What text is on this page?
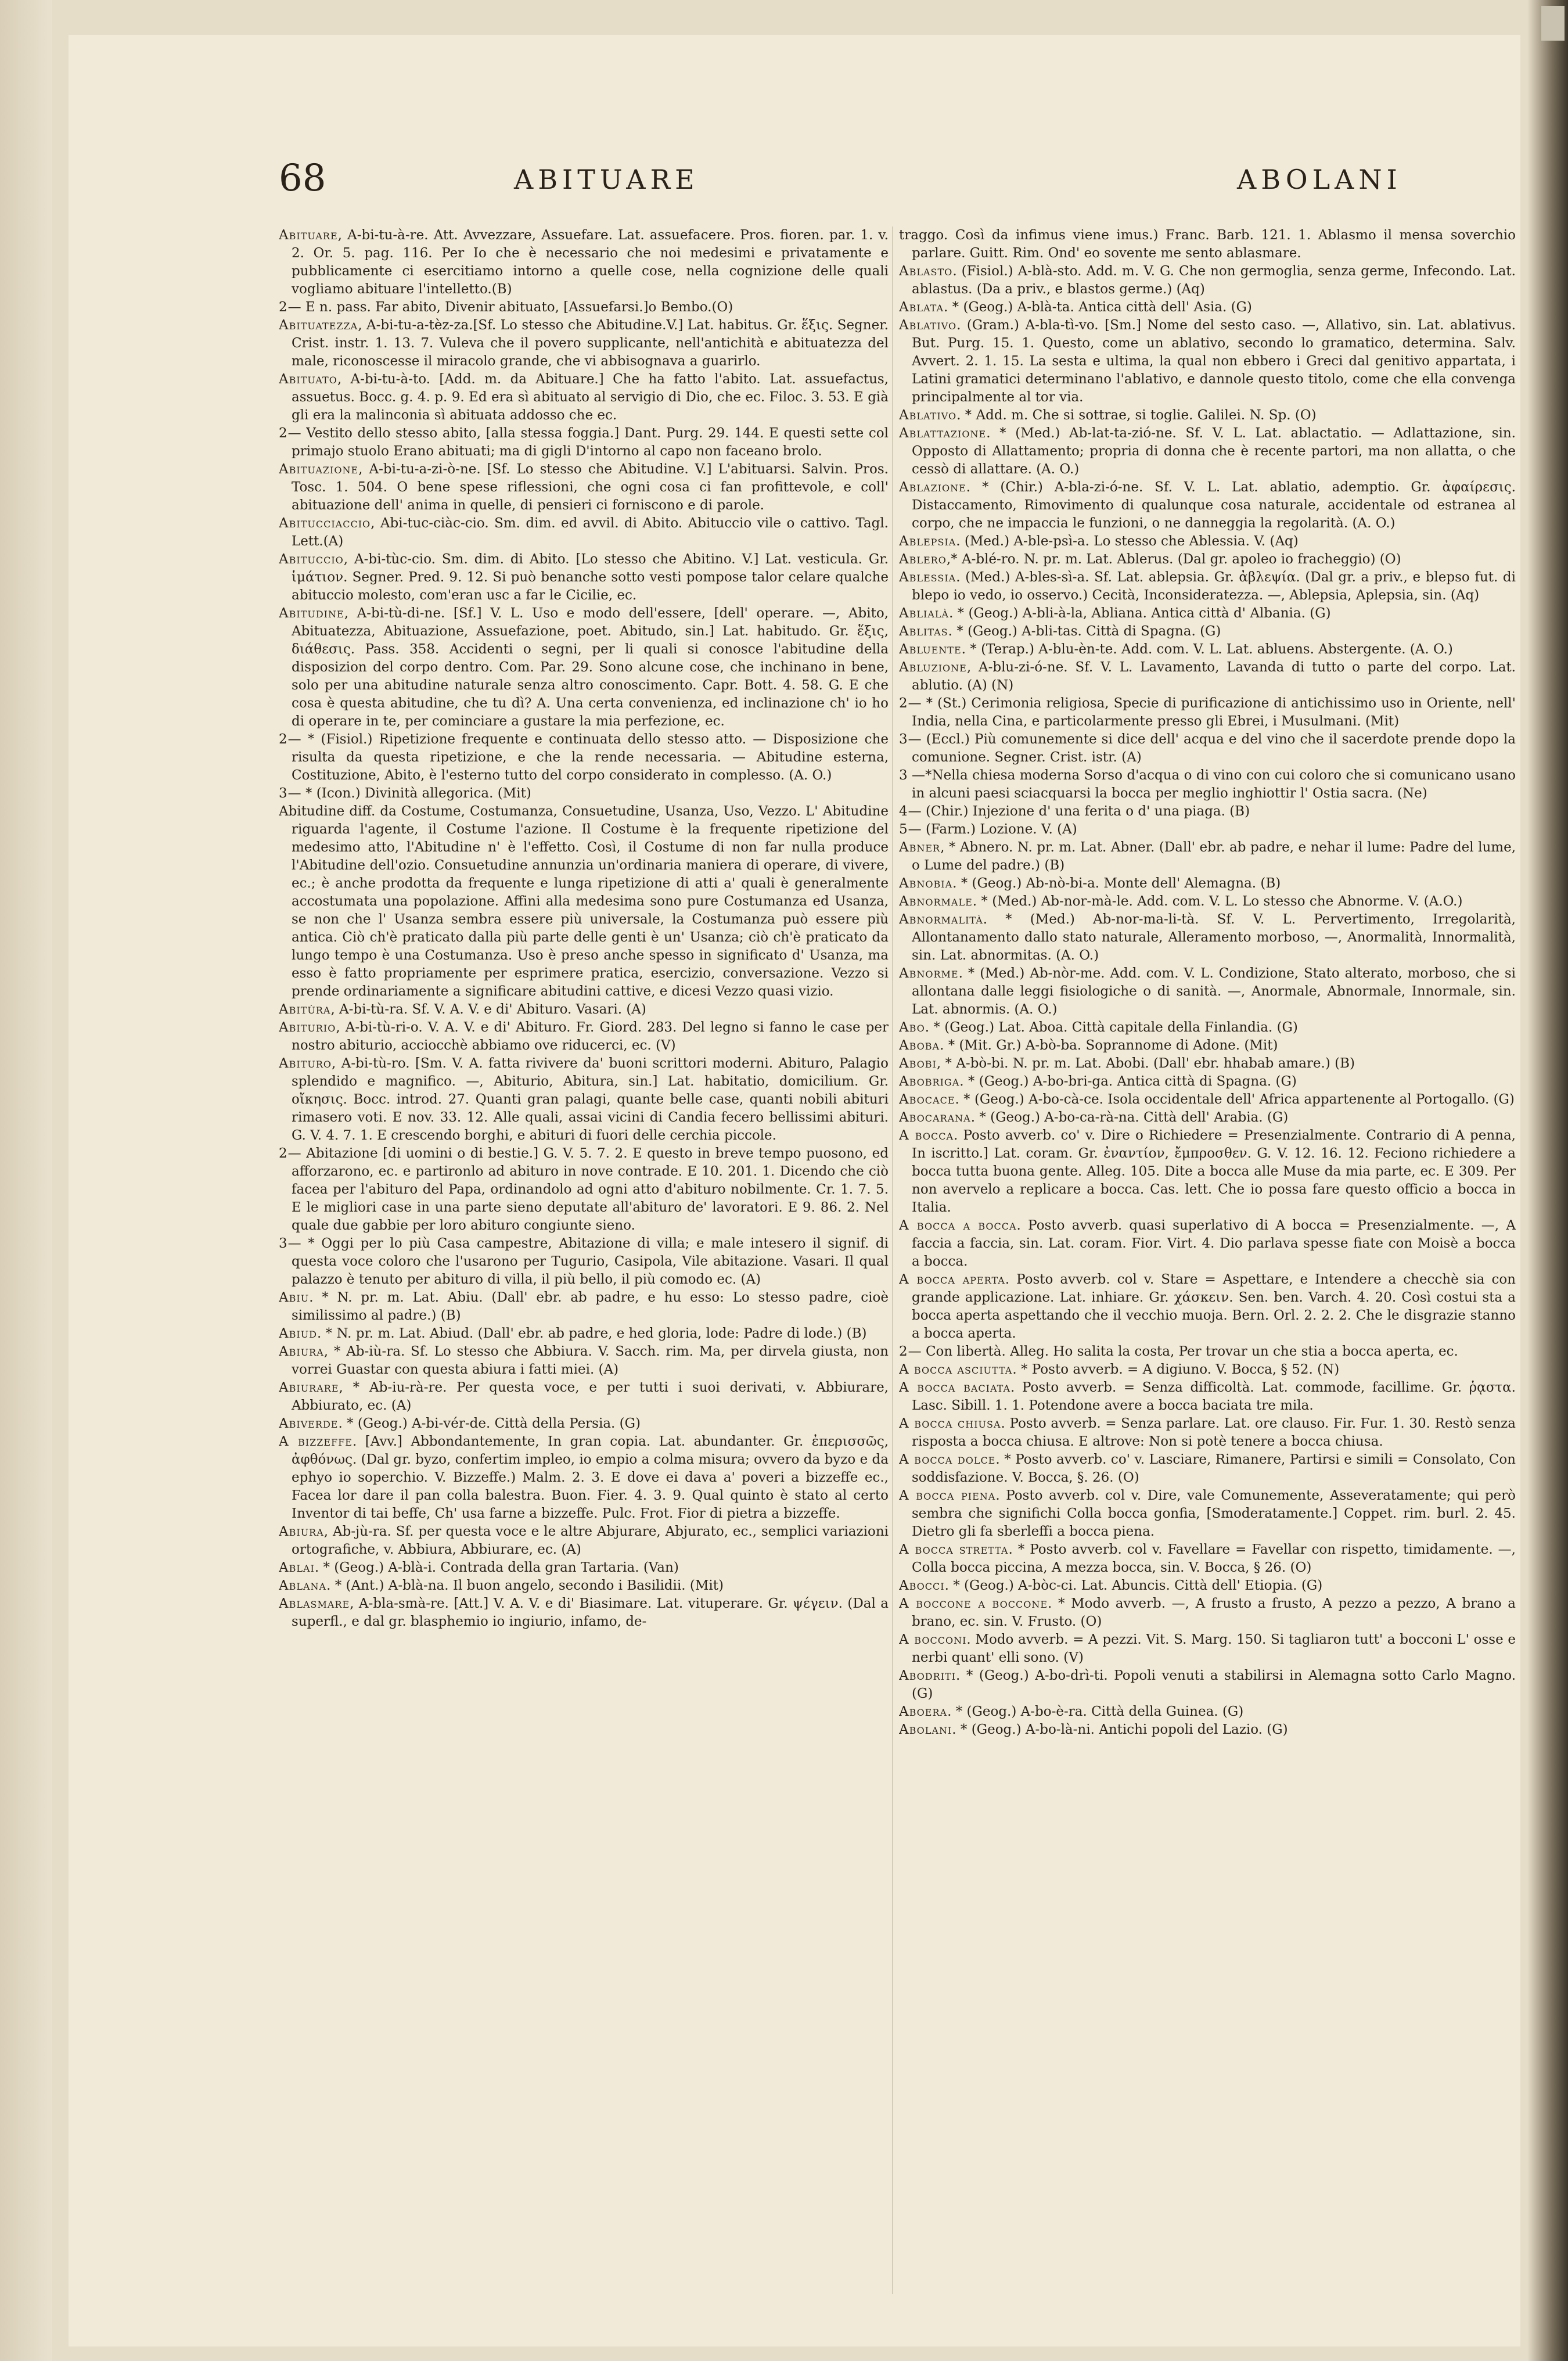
68	ABITUARE	ABOLANI

Abituare, A-bi-tu-à-re. Att. Avvezzare, Assuefare. Lat. assuefacere. Pros. fioren. par. 1. v. 2. Or. 5. pag. 116. Per Io che è necessario che noi medesimi e privatamente e pubblicamente ci esercitiamo intorno a quelle cose, nella cognizione delle quali vogliamo abituare l'intelletto.(B)

2— E n. pass. Far abito, Divenir abituato, [Assuefarsi.]o Bembo.(O)

Abituatezza, A-bi-tu-a-tèz-za.[Sf. Lo stesso che Abitudine.V.] Lat. habitus. Gr. ἕξις. Segner. Crist. instr. 1. 13. 7. Vuleva che il povero supplicante, nell'antichità e abituatezza del male, riconoscesse il miracolo grande, che vi abbisognava a guarirlo.

Abituato, A-bi-tu-à-to. [Add. m. da Abituare.] Che ha fatto l'abito. Lat. assuefactus, assuetus. Bocc. g. 4. p. 9. Ed era sì abituato al servigio di Dio, che ec. Filoc. 3. 53. E già gli era la malinconia sì abituata addosso che ec.

2— Vestito dello stesso abito, [alla stessa foggia.] Dant. Purg. 29. 144. E questi sette col primajo stuolo Erano abituati; ma di gigli D'intorno al capo non faceano brolo.

Abituazione, A-bi-tu-a-zi-ò-ne. [Sf. Lo stesso che Abitudine. V.] L'abituarsi. Salvin. Pros. Tosc. 1. 504. O bene spese riflessioni, che ogni cosa ci fan profittevole, e coll' abituazione dell' anima in quelle, di pensieri ci forniscono e di parole.

Abitucciaccio, Abi-tuc-ciàc-cio. Sm. dim. ed avvil. di Abito. Abituccio vile o cattivo. Tagl. Lett.(A)

Abituccio, A-bi-tùc-cio. Sm. dim. di Abito. [Lo stesso che Abitino. V.] Lat. vesticula. Gr. ἱμάτιον. Segner. Pred. 9. 12. Si può benanche sotto vesti pompose talor celare qualche abituccio molesto, com'eran usc a far le Cicilie, ec.

Abitudine, A-bi-tù-di-ne. [Sf.] V. L. Uso e modo dell'essere, [dell' operare. —, Abito, Abituatezza, Abituazione, Assuefazione, poet. Abitudo, sin.] Lat. habitudo. Gr. ἕξις, διάθεσις. Pass. 358. Accidenti o segni, per li quali si conosce l'abitudine della disposizion del corpo dentro. Com. Par. 29. Sono alcune cose, che inchinano in bene, solo per una abitudine naturale senza altro conoscimento. Capr. Bott. 4. 58. G. E che cosa è questa abitudine, che tu dì? A. Una certa convenienza, ed inclinazione ch' io ho di operare in te, per cominciare a gustare la mia perfezione, ec.

2— * (Fisiol.) Ripetizione frequente e continuata dello stesso atto. — Disposizione che risulta da questa ripetizione, e che la rende necessaria. — Abitudine esterna, Costituzione, Abito, è l'esterno tutto del corpo considerato in complesso. (A. O.)

3— * (Icon.) Divinità allegorica. (Mit)

Abitudine diff. da Costume, Costumanza, Consuetudine, Usanza, Uso, Vezzo. L' Abitudine riguarda l'agente, il Costume l'azione. Il Costume è la frequente ripetizione del medesimo atto, l'Abitudine n' è l'effetto. Così, il Costume di non far nulla produce l'Abitudine dell'ozio. Consuetudine annunzia un'ordinaria maniera di operare, di vivere, ec.; è anche prodotta da frequente e lunga ripetizione di atti a' quali è generalmente accostumata una popolazione. Affini alla medesima sono pure Costumanza ed Usanza, se non che l' Usanza sembra essere più universale, la Costumanza può essere più antica. Ciò ch'è praticato dalla più parte delle genti è un' Usanza; ciò ch'è praticato da lungo tempo è una Costumanza. Uso è preso anche spesso in significato d' Usanza, ma esso è fatto propriamente per esprimere pratica, esercizio, conversazione. Vezzo si prende ordinariamente a significare abitudini cattive, e dicesi Vezzo quasi vizio.

Abitùra, A-bi-tù-ra. Sf. V. A. V. e di' Abituro. Vasari. (A)

Abiturio, A-bi-tù-ri-o. V. A. V. e di' Abituro. Fr. Giord. 283. Del legno si fanno le case per nostro abiturio, acciocchè abbiamo ove riducerci, ec. (V)

Abituro, A-bi-tù-ro. [Sm. V. A. fatta rivivere da' buoni scrittori moderni. Abituro, Palagio splendido e magnifico. —, Abiturio, Abitura, sin.] Lat. habitatio, domicilium. Gr. οἴκησις. Bocc. introd. 27. Quanti gran palagi, quante belle case, quanti nobili abituri rimasero voti. E nov. 33. 12. Alle quali, assai vicini di Candia fecero bellissimi abituri. G. V. 4. 7. 1. E crescendo borghi, e abituri di fuori delle cerchia piccole.

2— Abitazione [di uomini o di bestie.] G. V. 5. 7. 2. E questo in breve tempo puosono, ed afforzarono, ec. e partironlo ad abituro in nove contrade. E 10. 201. 1. Dicendo che ciò facea per l'abituro del Papa, ordinandolo ad ogni atto d'abituro nobilmente. Cr. 1. 7. 5. E le migliori case in una parte sieno deputate all'abituro de' lavoratori. E 9. 86. 2. Nel quale due gabbie per loro abituro congiunte sieno.

3— * Oggi per lo più Casa campestre, Abitazione di villa; e male intesero il signif. di questa voce coloro che l'usarono per Tugurio, Casipola, Vile abitazione. Vasari. Il qual palazzo è tenuto per abituro di villa, il più bello, il più comodo ec. (A)

Abiu. * N. pr. m. Lat. Abiu. (Dall' ebr. ab padre, e hu esso: Lo stesso padre, cioè similissimo al padre.) (B)

Abiud. * N. pr. m. Lat. Abiud. (Dall' ebr. ab padre, e hed gloria, lode: Padre di lode.) (B)

Abiura, * Ab-iù-ra. Sf. Lo stesso che Abbiura. V. Sacch. rim. Ma, per dirvela giusta, non vorrei Guastar con questa abiura i fatti miei. (A)

Abiurare, * Ab-iu-rà-re. Per questa voce, e per tutti i suoi derivati, v. Abbiurare, Abbiurato, ec. (A)

Abiverde. * (Geog.) A-bi-vér-de. Città della Persia. (G)

A bizzeffe. [Avv.] Abbondantemente, In gran copia. Lat. abundanter. Gr. ἐπερισσῶς, ἀφθόνως. (Dal gr. byzo, confertim impleo, io empio a colma misura; ovvero da byzo e da ephyo io soperchio. V. Bizzeffe.) Malm. 2. 3. E dove ei dava a' poveri a bizzeffe ec., Facea lor dare il pan colla balestra. Buon. Fier. 4. 3. 9. Qual quinto è stato al certo Inventor di tai beffe, Ch' usa farne a bizzeffe. Pulc. Frot. Fior di pietra a bizzeffe.

Abiura, Ab-jù-ra. Sf. per questa voce e le altre Abjurare, Abjurato, ec., semplici variazioni ortografiche, v. Abbiura, Abbiurare, ec. (A)

Ablai. * (Geog.) A-blà-i. Contrada della gran Tartaria. (Van)

Ablana. * (Ant.) A-blà-na. Il buon angelo, secondo i Basilidii. (Mit)

Ablasmare, A-bla-smà-re. [Att.] V. A. V. e di' Biasimare. Lat. vituperare. Gr. ψέγειν. (Dal a superfl., e dal gr. blasphemio io ingiurio, infamo, de-

traggo. Così da infimus viene imus.) Franc. Barb. 121. 1. Ablasmo il mensa soverchio parlare. Guitt. Rim. Ond' eo sovente me sento ablasmare.

Ablasto. (Fisiol.) A-blà-sto. Add. m. V. G. Che non germoglia, senza germe, Infecondo. Lat. ablastus. (Da a priv., e blastos germe.) (Aq)

Ablata. * (Geog.) A-blà-ta. Antica città dell' Asia. (G)

Ablativo. (Gram.) A-bla-tì-vo. [Sm.] Nome del sesto caso. —, Allativo, sin. Lat. ablativus. But. Purg. 15. 1. Questo, come un ablativo, secondo lo gramatico, determina. Salv. Avvert. 2. 1. 15. La sesta e ultima, la qual non ebbero i Greci dal genitivo appartata, i Latini gramatici determinano l'ablativo, e dannole questo titolo, come che ella convenga principalmente al tor via.

Ablativo. * Add. m. Che si sottrae, si toglie. Galilei. N. Sp. (O)

Ablattazione. * (Med.) Ab-lat-ta-zió-ne. Sf. V. L. Lat. ablactatio. — Adlattazione, sin. Opposto di Allattamento; propria di donna che è recente partori, ma non allatta, o che cessò di allattare. (A. O.)

Ablazione. * (Chir.) A-bla-zi-ó-ne. Sf. V. L. Lat. ablatio, ademptio. Gr. ἀφαίρεσις. Distaccamento, Rimovimento di qualunque cosa naturale, accidentale od estranea al corpo, che ne impaccia le funzioni, o ne danneggia la regolarità. (A. O.)

Ablepsia. (Med.) A-ble-psì-a. Lo stesso che Ablessia. V. (Aq)

Ablero,* A-blé-ro. N. pr. m. Lat. Ablerus. (Dal gr. apoleo io fracheggio) (O)

Ablessia. (Med.) A-bles-sì-a. Sf. Lat. ablepsia. Gr. ἀβλεψία. (Dal gr. a priv., e blepso fut. di blepo io vedo, io osservo.) Cecità, Inconsideratezza. —, Ablepsia, Aplepsia, sin. (Aq)

Ablialà. * (Geog.) A-bli-à-la, Abliana. Antica città d' Albania. (G)

Ablitas. * (Geog.) A-bli-tas. Città di Spagna. (G)

Abluente. * (Terap.) A-blu-èn-te. Add. com. V. L. Lat. abluens. Abstergente. (A. O.)

Abluzione, A-blu-zi-ó-ne. Sf. V. L. Lavamento, Lavanda di tutto o parte del corpo. Lat. ablutio. (A) (N)

2— * (St.) Cerimonia religiosa, Specie di purificazione di antichissimo uso in Oriente, nell' India, nella Cina, e particolarmente presso gli Ebrei, i Musulmani. (Mit)

3— (Eccl.) Più comunemente si dice dell' acqua e del vino che il sacerdote prende dopo la comunione. Segner. Crist. istr. (A)

3 —*Nella chiesa moderna Sorso d'acqua o di vino con cui coloro che si comunicano usano in alcuni paesi sciacquarsi la bocca per meglio inghiottir l' Ostia sacra. (Ne)

4— (Chir.) Injezione d' una ferita o d' una piaga. (B)

5— (Farm.) Lozione. V. (A)

Abner, * Abnero. N. pr. m. Lat. Abner. (Dall' ebr. ab padre, e nehar il lume: Padre del lume, o Lume del padre.) (B)

Abnobia. * (Geog.) Ab-nò-bi-a. Monte dell' Alemagna. (B)

Abnormale. * (Med.) Ab-nor-mà-le. Add. com. V. L. Lo stesso che Abnorme. V. (A.O.)

Abnormalità. * (Med.) Ab-nor-ma-li-tà. Sf. V. L. Pervertimento, Irregolarità, Allontanamento dallo stato naturale, Alleramento morboso, —, Anormalità, Innormalità, sin. Lat. abnormitas. (A. O.)

Abnorme. * (Med.) Ab-nòr-me. Add. com. V. L. Condizione, Stato alterato, morboso, che si allontana dalle leggi fisiologiche o di sanità. —, Anormale, Abnormale, Innormale, sin. Lat. abnormis. (A. O.)

Abo. * (Geog.) Lat. Aboa. Città capitale della Finlandia. (G)

Aboba. * (Mit. Gr.) A-bò-ba. Soprannome di Adone. (Mit)

Abobi, * A-bò-bi. N. pr. m. Lat. Abobi. (Dall' ebr. hhabab amare.) (B)

Abobriga. * (Geog.) A-bo-bri-ga. Antica città di Spagna. (G)

Abocace. * (Geog.) A-bo-cà-ce. Isola occidentale dell' Africa appartenente al Portogallo. (G)

Abocarana. * (Geog.) A-bo-ca-rà-na. Città dell' Arabia. (G)

A bocca. Posto avverb. co' v. Dire o Richiedere = Presenzialmente. Contrario di A penna, In iscritto.] Lat. coram. Gr. ἐναντίον, ἔμπροσθεν. G. V. 12. 16. 12. Feciono richiedere a bocca tutta buona gente. Alleg. 105. Dite a bocca alle Muse da mia parte, ec. E 309. Per non avervelo a replicare a bocca. Cas. lett. Che io possa fare questo officio a bocca in Italia.

A bocca a bocca. Posto avverb. quasi superlativo di A bocca = Presenzialmente. —, A faccia a faccia, sin. Lat. coram. Fior. Virt. 4. Dio parlava spesse fiate con Moisè a bocca a bocca.

A bocca aperta. Posto avverb. col v. Stare = Aspettare, e Intendere a checchè sia con grande applicazione. Lat. inhiare. Gr. χάσκειν. Sen. ben. Varch. 4. 20. Così costui sta a bocca aperta aspettando che il vecchio muoja. Bern. Orl. 2. 2. 2. Che le disgrazie stanno a bocca aperta.

2— Con libertà. Alleg. Ho salita la costa, Per trovar un che stia a bocca aperta, ec.

A bocca asciutta. * Posto avverb. = A digiuno. V. Bocca, § 52. (N)

A bocca baciata. Posto avverb. = Senza difficoltà. Lat. commode, facillime. Gr. ῥᾳστα. Lasc. Sibill. 1. 1. Potendone avere a bocca baciata tre mila.

A bocca chiusa. Posto avverb. = Senza parlare. Lat. ore clauso. Fir. Fur. 1. 30. Restò senza risposta a bocca chiusa. E altrove: Non si potè tenere a bocca chiusa.

A bocca dolce. * Posto avverb. co' v. Lasciare, Rimanere, Partirsi e simili = Consolato, Con soddisfazione. V. Bocca, §. 26. (O)

A bocca piena. Posto avverb. col v. Dire, vale Comunemente, Asseveratamente; qui però sembra che significhi Colla bocca gonfia, [Smoderatamente.] Coppet. rim. burl. 2. 45. Dietro gli fa sberleffi a bocca piena.

A bocca stretta. * Posto avverb. col v. Favellare = Favellar con rispetto, timidamente. —, Colla bocca piccina, A mezza bocca, sin. V. Bocca, § 26. (O)

Abocci. * (Geog.) A-bòc-ci. Lat. Abuncis. Città dell' Etiopia. (G)

A boccone a boccone. * Modo avverb. —, A frusto a frusto, A pezzo a pezzo, A brano a brano, ec. sin. V. Frusto. (O)

A bocconi. Modo avverb. = A pezzi. Vit. S. Marg. 150. Si tagliaron tutt' a bocconi L' osse e nerbi quant' elli sono. (V)

Abodriti. * (Geog.) A-bo-drì-ti. Popoli venuti a stabilirsi in Alemagna sotto Carlo Magno. (G)

Aboera. * (Geog.) A-bo-è-ra. Città della Guinea. (G)

Abolani. * (Geog.) A-bo-là-ni. Antichi popoli del Lazio. (G)
